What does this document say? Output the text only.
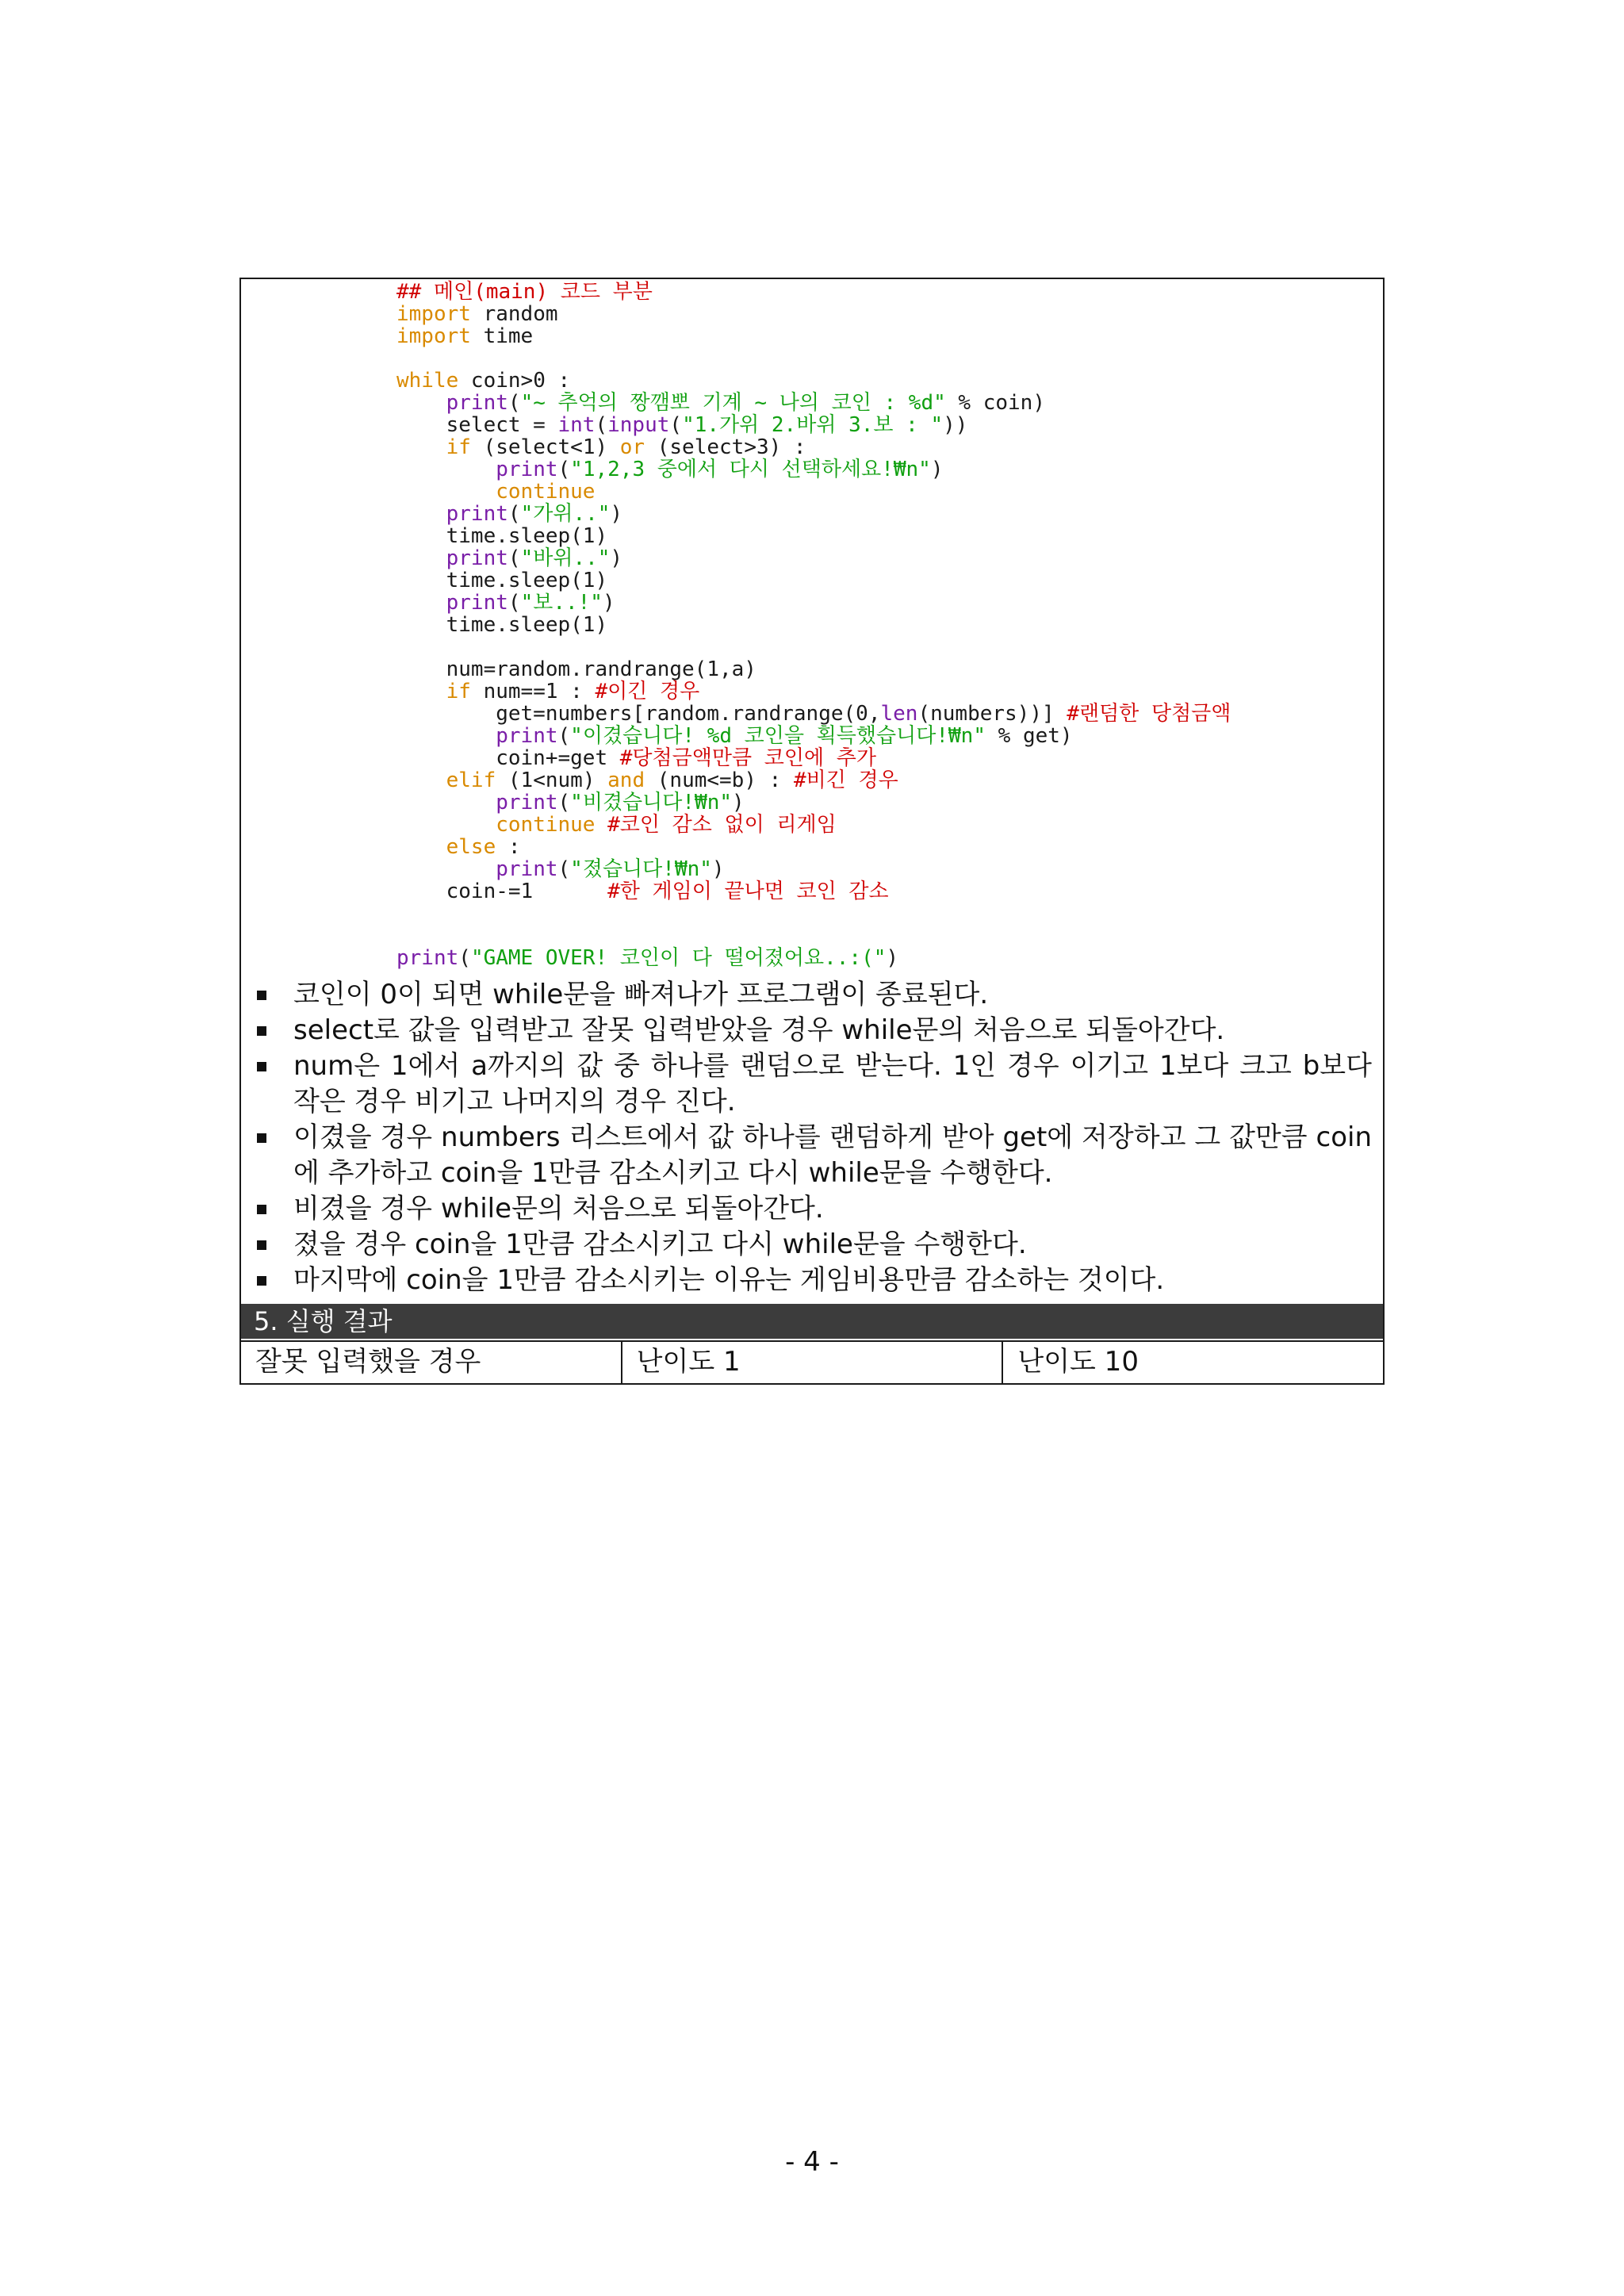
## 메인(main) 코드 부분
import random
import time

while coin>0 :
print("~ 추억의 짱깸뽀 기계 ~ 나의 코인 : %d" % coin)
select = int(input("1.가위 2.바위 3.보 : "))
if (select<1) or (select>3) :
print("1,2,3 중에서 다시 선택하세요!₩n")
continue
print("가위..")
time.sleep(1)
print("바위..")
time.sleep(1)
print("보..!")
time.sleep(1)

num=random.randrange(1,a)
if num==1 : #이긴 경우
get=numbers[random.randrange(0,len(numbers))] #랜덤한 당첨금액
print("이겼습니다! %d 코인을 획득했습니다!₩n" % get)
coin+=get #당첨금액만큼 코인에 추가
elif (1<num) and (num<=b) : #비긴 경우
print("비겼습니다!₩n")
continue #코인 감소 없이 리게임
else :
print("졌습니다!₩n")
coin-=1      #한 게임이 끝나면 코인 감소

print("GAME OVER! 코인이 다 떨어졌어요..:(")
코인이 0이 되면 while문을 빠져나가 프로그램이 종료된다.
select로 값을 입력받고 잘못 입력받았을 경우 while문의 처음으로 되돌아간다.
num은 1에서 a까지의 값 중 하나를 랜덤으로 받는다. 1인 경우 이기고 1보다 크고 b보다 작은 경우 비기고 나머지의 경우 진다.
이겼을 경우 numbers 리스트에서 값 하나를 랜덤하게 받아 get에 저장하고 그 값만큼 coin에 추가하고 coin을 1만큼 감소시키고 다시 while문을 수행한다.
비겼을 경우 while문의 처음으로 되돌아간다.
졌을 경우 coin을 1만큼 감소시키고 다시 while문을 수행한다.
마지막에 coin을 1만큼 감소시키는 이유는 게임비용만큼 감소하는 것이다.
5. 실행 결과
잘못 입력했을 경우	난이도 1	난이도 10
- 4 -
